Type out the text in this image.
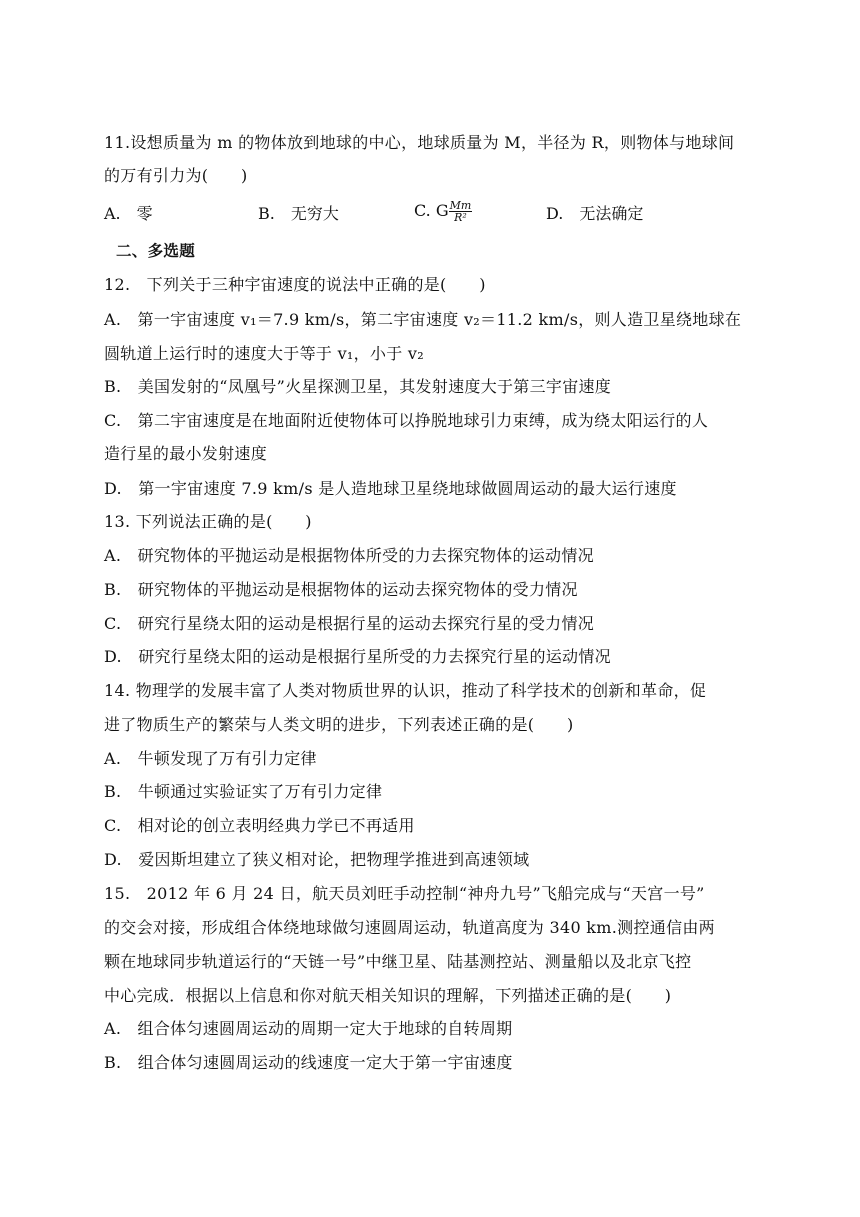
11.设想质量为 m 的物体放到地球的中心，地球质量为 M，半径为 R，则物体与地球间
的万有引力为(　　)
A.　零	B.　无穷大	C. G $\frac{Mm}{\text{R²}}$	D.　无法确定
二、多选题
12.　下列关于三种宇宙速度的说法中正确的是(　　)
A.　第一宇宙速度 v₁＝7.9 km/s，第二宇宙速度 v₂＝11.2 km/s，则人造卫星绕地球在
圆轨道上运行时的速度大于等于 v₁，小于 v₂
B.　美国发射的“凤凰号”火星探测卫星，其发射速度大于第三宇宙速度
C.　第二宇宙速度是在地面附近使物体可以挣脱地球引力束缚，成为绕太阳运行的人
造行星的最小发射速度
D.　第一宇宙速度 7.9 km/s 是人造地球卫星绕地球做圆周运动的最大运行速度
13. 下列说法正确的是(　　)
A.　研究物体的平抛运动是根据物体所受的力去探究物体的运动情况
B.　研究物体的平抛运动是根据物体的运动去探究物体的受力情况
C.　研究行星绕太阳的运动是根据行星的运动去探究行星的受力情况
D.　研究行星绕太阳的运动是根据行星所受的力去探究行星的运动情况
14. 物理学的发展丰富了人类对物质世界的认识，推动了科学技术的创新和革命，促
进了物质生产的繁荣与人类文明的进步，下列表述正确的是(　　)
A.　牛顿发现了万有引力定律
B.　牛顿通过实验证实了万有引力定律
C.　相对论的创立表明经典力学已不再适用
D.　爱因斯坦建立了狭义相对论，把物理学推进到高速领域
15.　2012 年 6 月 24 日，航天员刘旺手动控制“神舟九号”飞船完成与“天宫一号”
的交会对接，形成组合体绕地球做匀速圆周运动，轨道高度为 340 km.测控通信由两
颗在地球同步轨道运行的“天链一号”中继卫星、陆基测控站、测量船以及北京飞控
中心完成．根据以上信息和你对航天相关知识的理解，下列描述正确的是(　　)
A.　组合体匀速圆周运动的周期一定大于地球的自转周期
B.　组合体匀速圆周运动的线速度一定大于第一宇宙速度
